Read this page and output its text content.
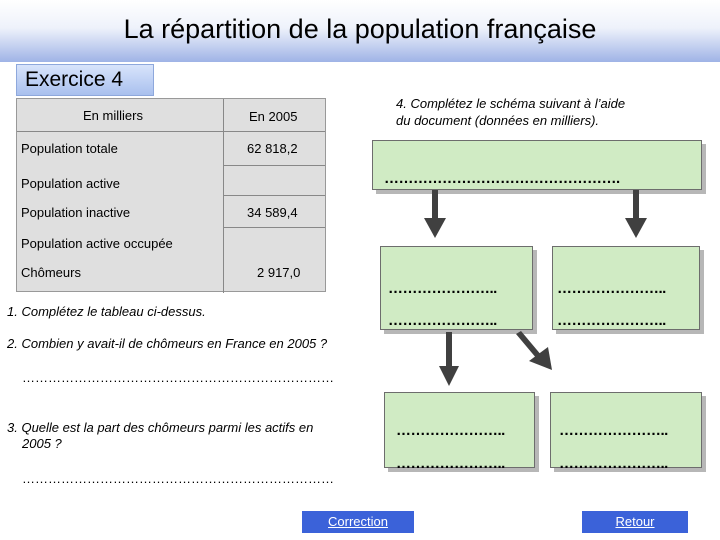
La répartition de la population française
Exercice 4
En milliers	En 2005
Population totale	62 818,2
Population active
Population inactive	34 589,4
Population active occupée
Chômeurs	2 917,0
1. Complétez le tableau ci-dessus.
2. Combien y avait-il de chômeurs en France en 2005 ?
………………………………………………………………
3. Quelle est la part des chômeurs parmi les actifs en
2005 ?
………………………………………………………………
4. Complétez le schéma suivant à l’aide
du document (données en milliers).
………………………………………….
…………………..
…………………..
…………………..
…………………..
…………………..
…………………..
…………………..
…………………..
Correction	Retour
